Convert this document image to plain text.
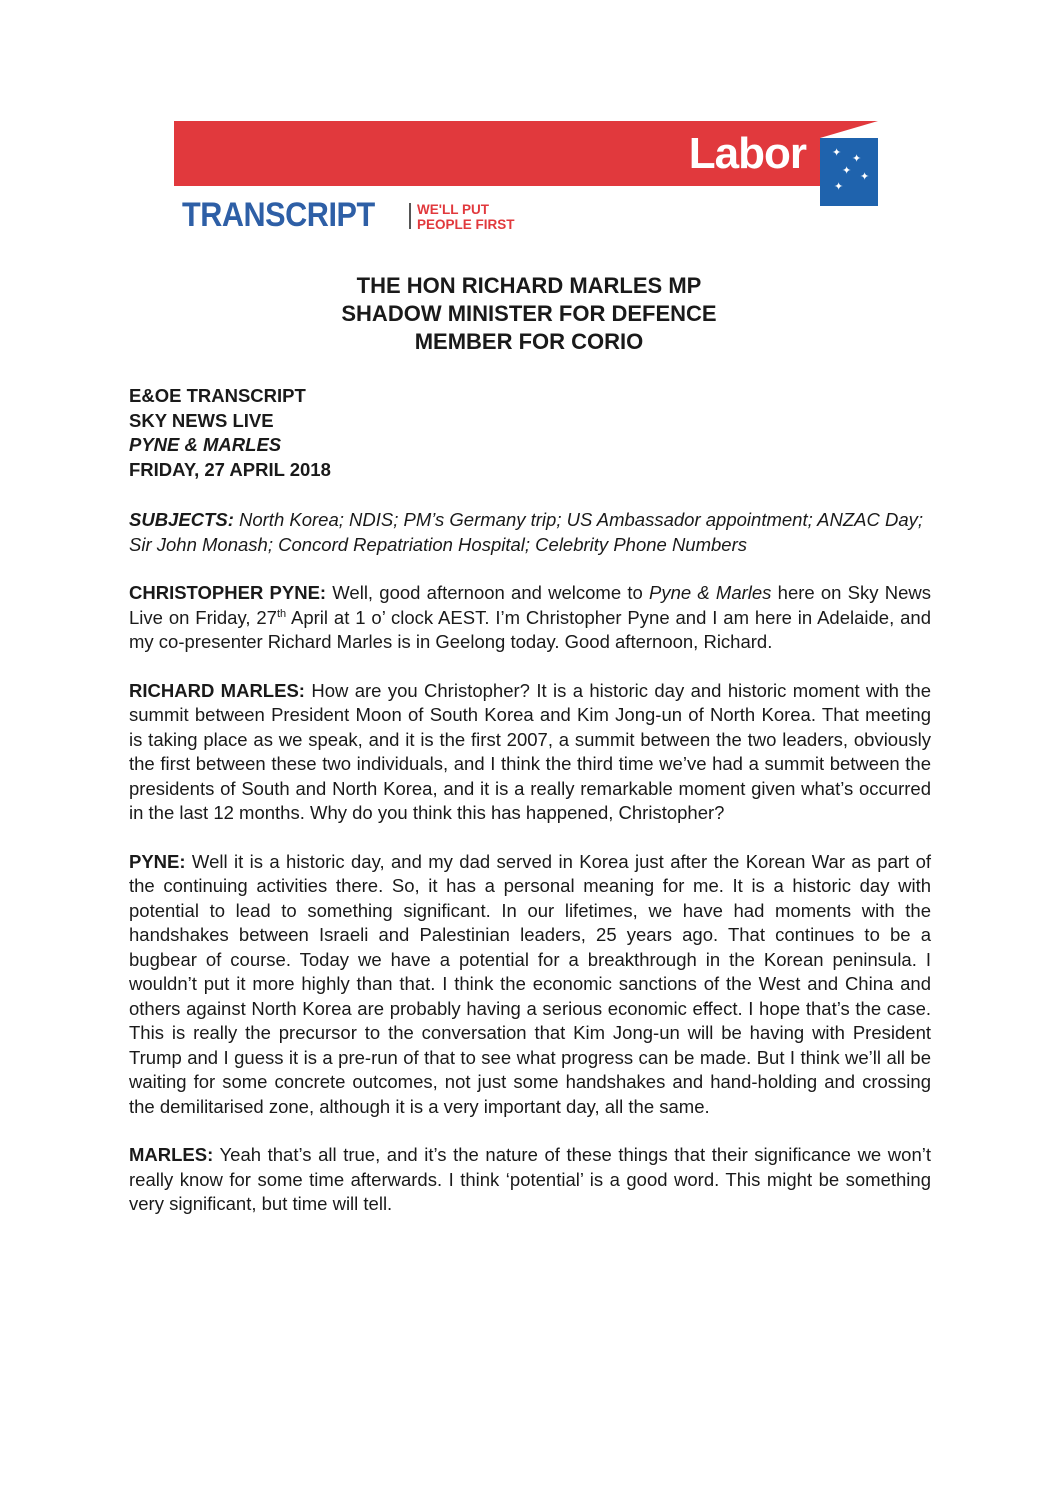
Labor ✦ ✦
✦ ✦
✦
TRANSCRIPT	WE'LL PUT
PEOPLE FIRST
THE HON RICHARD MARLES MP
SHADOW MINISTER FOR DEFENCE
MEMBER FOR CORIO
E&OE TRANSCRIPT
SKY NEWS LIVE
PYNE & MARLES
FRIDAY, 27 APRIL 2018
SUBJECTS: North Korea; NDIS; PM’s Germany trip; US Ambassador appointment; ANZAC Day; Sir John Monash; Concord Repatriation Hospital; Celebrity Phone Numbers
CHRISTOPHER PYNE: Well, good afternoon and welcome to Pyne & Marles here on Sky News Live on Friday, 27th April at 1 o’ clock AEST. I’m Christopher Pyne and I am here in Adelaide, and my co-presenter Richard Marles is in Geelong today. Good afternoon, Richard.
RICHARD MARLES: How are you Christopher? It is a historic day and historic moment with the summit between President Moon of South Korea and Kim Jong-un of North Korea. That meeting is taking place as we speak, and it is the first 2007, a summit between the two leaders, obviously the first between these two individuals, and I think the third time we’ve had a summit between the presidents of South and North Korea, and it is a really remarkable moment given what’s occurred in the last 12 months. Why do you think this has happened, Christopher?
PYNE: Well it is a historic day, and my dad served in Korea just after the Korean War as part of the continuing activities there. So, it has a personal meaning for me. It is a historic day with potential to lead to something significant. In our lifetimes, we have had moments with the handshakes between Israeli and Palestinian leaders, 25 years ago. That continues to be a bugbear of course. Today we have a potential for a breakthrough in the Korean peninsula. I wouldn’t put it more highly than that. I think the economic sanctions of the West and China and others against North Korea are probably having a serious economic effect. I hope that’s the case. This is really the precursor to the conversation that Kim Jong-un will be having with President Trump and I guess it is a pre-run of that to see what progress can be made. But I think we’ll all be waiting for some concrete outcomes, not just some handshakes and hand-holding and crossing the demilitarised zone, although it is a very important day, all the same.
MARLES: Yeah that’s all true, and it’s the nature of these things that their significance we won’t really know for some time afterwards. I think ‘potential’ is a good word. This might be something very significant, but time will tell.
